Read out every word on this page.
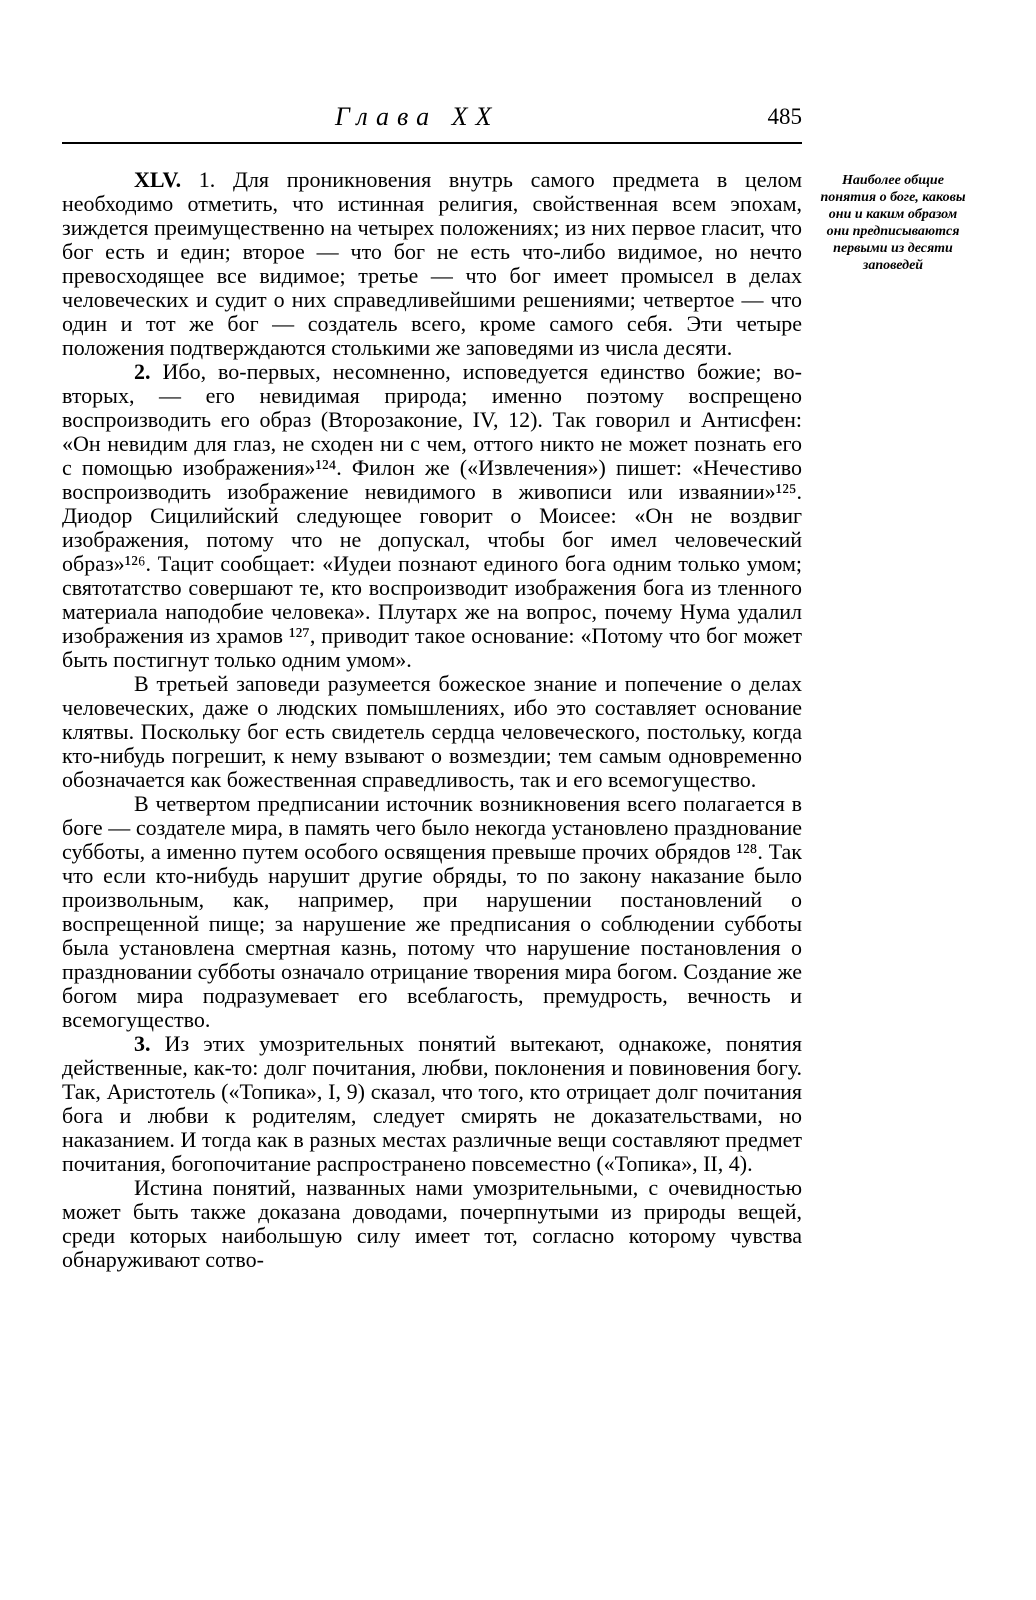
Глава XX	485

XLV. 1. Для проникновения внутрь самого предмета в целом необходимо отметить, что истинная религия, свойственная всем эпохам, зиждется преимущественно на четырех положениях; из них первое гласит, что бог есть и един; второе — что бог не есть что-либо видимое, но нечто превосходящее все видимое; третье — что бог имеет промысел в делах человеческих и судит о них справедливейшими решениями; четвертое — что один и тот же бог — создатель всего, кроме самого себя. Эти четыре положения подтверждаются столькими же заповедями из числа десяти.

2. Ибо, во-первых, несомненно, исповедуется единство божие; во-вторых, — его невидимая природа; именно поэтому воспрещено воспроизводить его образ (Второзаконие, IV, 12). Так говорил и Антисфен: «Он невидим для глаз, не сходен ни с чем, оттого никто не может познать его с помощью изображения»¹²⁴. Филон же («Извлечения») пишет: «Нечестиво воспроизводить изображение невидимого в живописи или изваянии»¹²⁵. Диодор Сицилийский следующее говорит о Моисее: «Он не воздвиг изображения, потому что не допускал, чтобы бог имел человеческий образ»¹²⁶. Тацит сообщает: «Иудеи познают единого бога одним только умом; святотатство совершают те, кто воспроизводит изображения бога из тленного материала наподобие человека». Плутарх же на вопрос, почему Нума удалил изображения из храмов ¹²⁷, приводит такое основание: «Потому что бог может быть постигнут только одним умом».

В третьей заповеди разумеется божеское знание и попечение о делах человеческих, даже о людских помышлениях, ибо это составляет основание клятвы. Поскольку бог есть свидетель сердца человеческого, постольку, когда кто-нибудь погрешит, к нему взывают о возмездии; тем самым одновременно обозначается как божественная справедливость, так и его всемогущество.

В четвертом предписании источник возникновения всего полагается в боге — создателе мира, в память чего было некогда установлено празднование субботы, а именно путем особого освящения превыше прочих обрядов ¹²⁸. Так что если кто-нибудь нарушит другие обряды, то по закону наказание было произвольным, как, например, при нарушении постановлений о воспрещенной пище; за нарушение же предписания о соблюдении субботы была установлена смертная казнь, потому что нарушение постановления о праздновании субботы означало отрицание творения мира богом. Создание же богом мира подразумевает его всеблагость, премудрость, вечность и всемогущество.

3. Из этих умозрительных понятий вытекают, однакоже, понятия действенные, как-то: долг почитания, любви, поклонения и повиновения богу. Так, Аристотель («Топика», I, 9) сказал, что того, кто отрицает долг почитания бога и любви к родителям, следует смирять не доказательствами, но наказанием. И тогда как в разных местах различные вещи составляют предмет почитания, богопочитание распространено повсеместно («Топика», II, 4).

Истина понятий, названных нами умозрительными, с очевидностью может быть также доказана доводами, почерпнутыми из природы вещей, среди которых наибольшую силу имеет тот, согласно которому чувства обнаруживают сотво-

Наиболее общие понятия о боге, каковы они и каким образом они предписываются первыми из десяти заповедей
